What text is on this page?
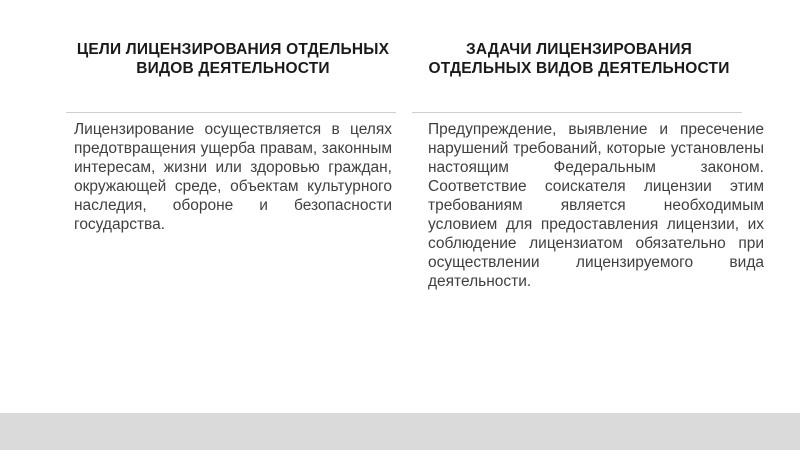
ЦЕЛИ ЛИЦЕНЗИРОВАНИЯ ОТДЕЛЬНЫХ ВИДОВ ДЕЯТЕЛЬНОСТИ
Лицензирование осуществляется в целях предотвращения ущерба правам, законным интересам, жизни или здоровью граждан, окружающей среде, объектам культурного наследия, обороне и безопасности государства.
ЗАДАЧИ ЛИЦЕНЗИРОВАНИЯ ОТДЕЛЬНЫХ ВИДОВ ДЕЯТЕЛЬНОСТИ
Предупреждение, выявление и пресечение нарушений требований, которые установлены настоящим Федеральным законом. Соответствие соискателя лицензии этим требованиям является необходимым условием для предоставления лицензии, их соблюдение лицензиатом обязательно при осуществлении лицензируемого вида деятельности.
